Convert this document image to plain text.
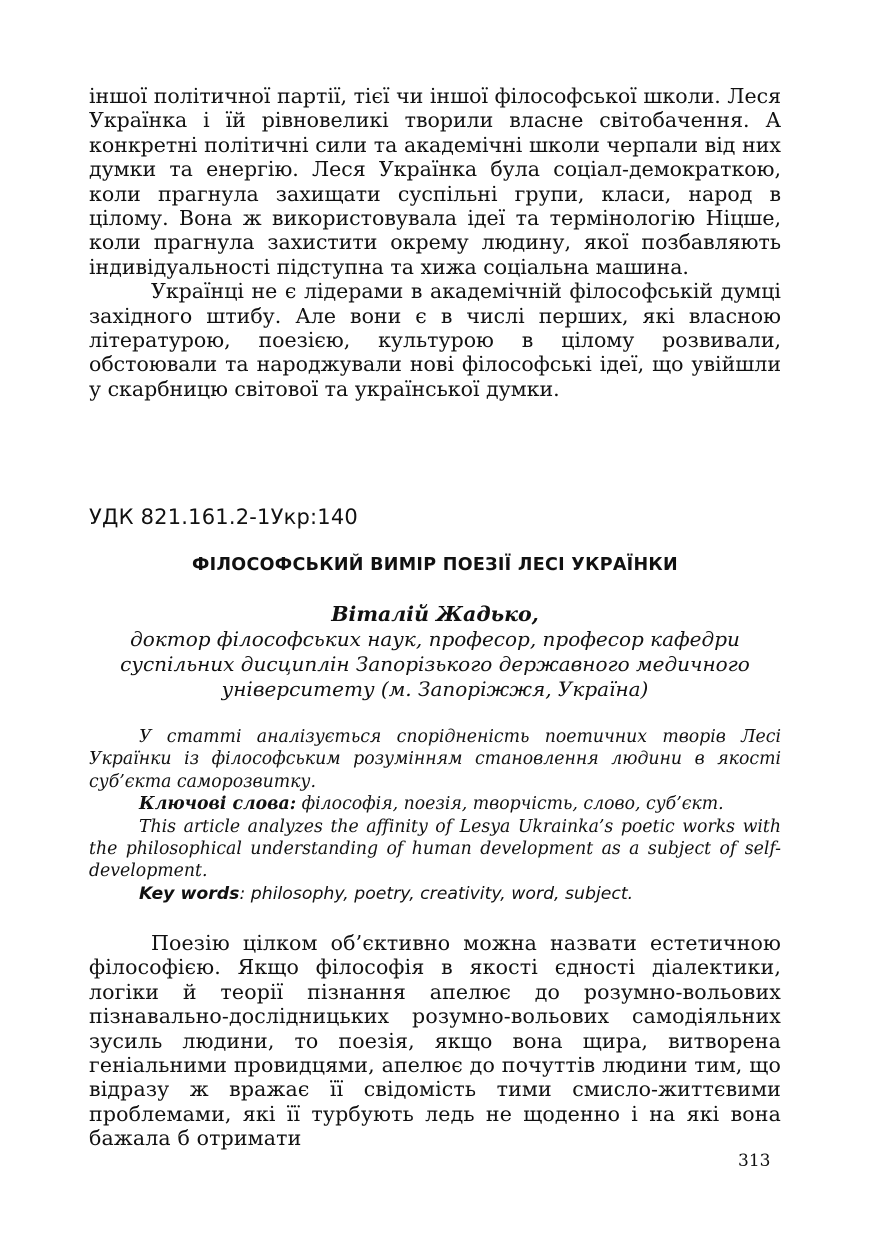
іншої політичної партії, тієї чи іншої філософської школи. Леся Українка і їй рівновеликі творили власне світобачення. А конкретні політичні сили та академічні школи черпали від них думки та енергію. Леся Українка була соціал-демократкою, коли прагнула захищати суспільні групи, класи, народ в цілому. Вона ж використовувала ідеї та термінологію Ніцше, коли прагнула захистити окрему людину, якої позбавляють індивідуальності підступна та хижа соціальна машина.

Українці не є лідерами в академічній філософській думці західного штибу. Але вони є в числі перших, які власною літературою, поезією, культурою в цілому розвивали, обстоювали та народжували нові філософські ідеї, що увійшли у скарбницю світової та української думки.

УДК 821.161.2-1Укр:140
ФІЛОСОФСЬКИЙ ВИМІР ПОЕЗІЇ ЛЕСІ УКРАЇНКИ
Віталій Жадько,
доктор філософських наук, професор, професор кафедри
суспільних дисциплін Запорізького державного медичного
університету (м. Запоріжжя, Україна)

У статті аналізується спорідненість поетичних творів Лесі Українки із філософським розумінням становлення людини в якості суб’єкта саморозвитку.

Ключові слова: філософія, поезія, творчість, слово, суб’єкт.

This article analyzes the affinity of Lesya Ukrainka’s poetic works with the philosophical understanding of human development as a subject of self-development.

Key words: philosophy, poetry, creativity, word, subject.

Поезію цілком об’єктивно можна назвати естетичною філософією. Якщо філософія в якості єдності діалектики, логіки й теорії пізнання апелює до розумно-вольових пізнавально-дослідницьких розумно-вольових самодіяльних зусиль людини, то поезія, якщо вона щира, витворена геніальними провидцями, апелює до почуттів людини тим, що відразу ж вражає її свідомість тими смисло-життєвими проблемами, які її турбують ледь не щоденно і на які вона бажала б отримати

313
